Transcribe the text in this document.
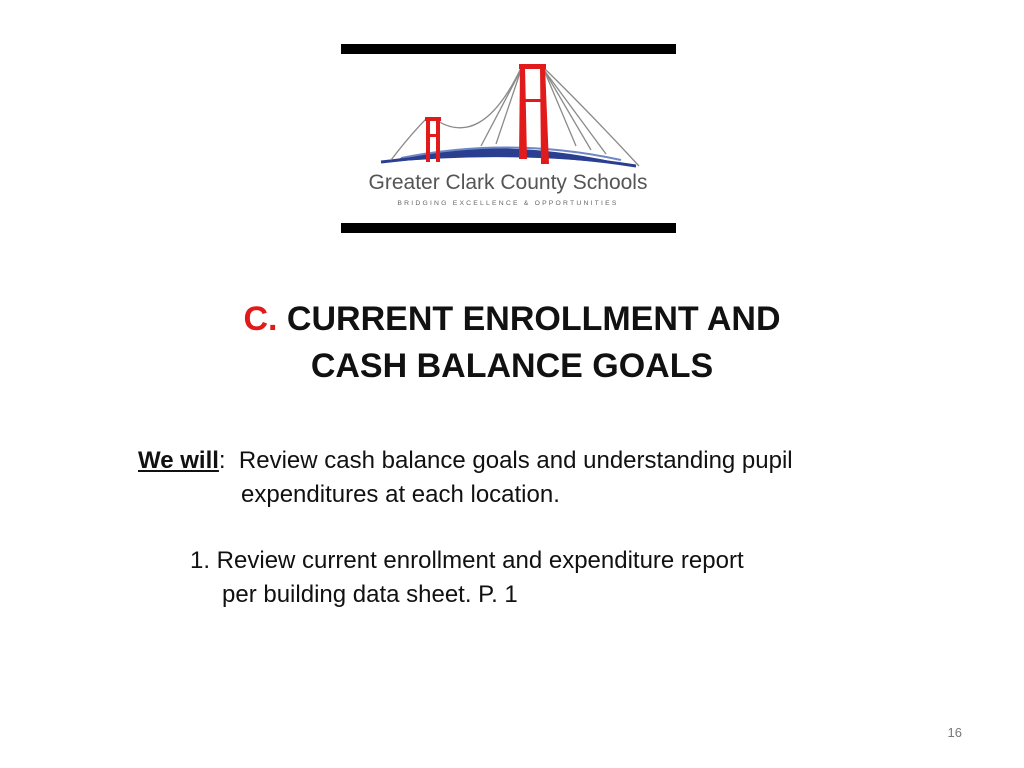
Greater Clark County Schools
BRIDGING EXCELLENCE & OPPORTUNITIES
C. CURRENT ENROLLMENT AND
CASH BALANCE GOALS
We will: Review cash balance goals and understanding pupil
expenditures at each location.
1. Review current enrollment and expenditure report
per building data sheet. P. 1
16
